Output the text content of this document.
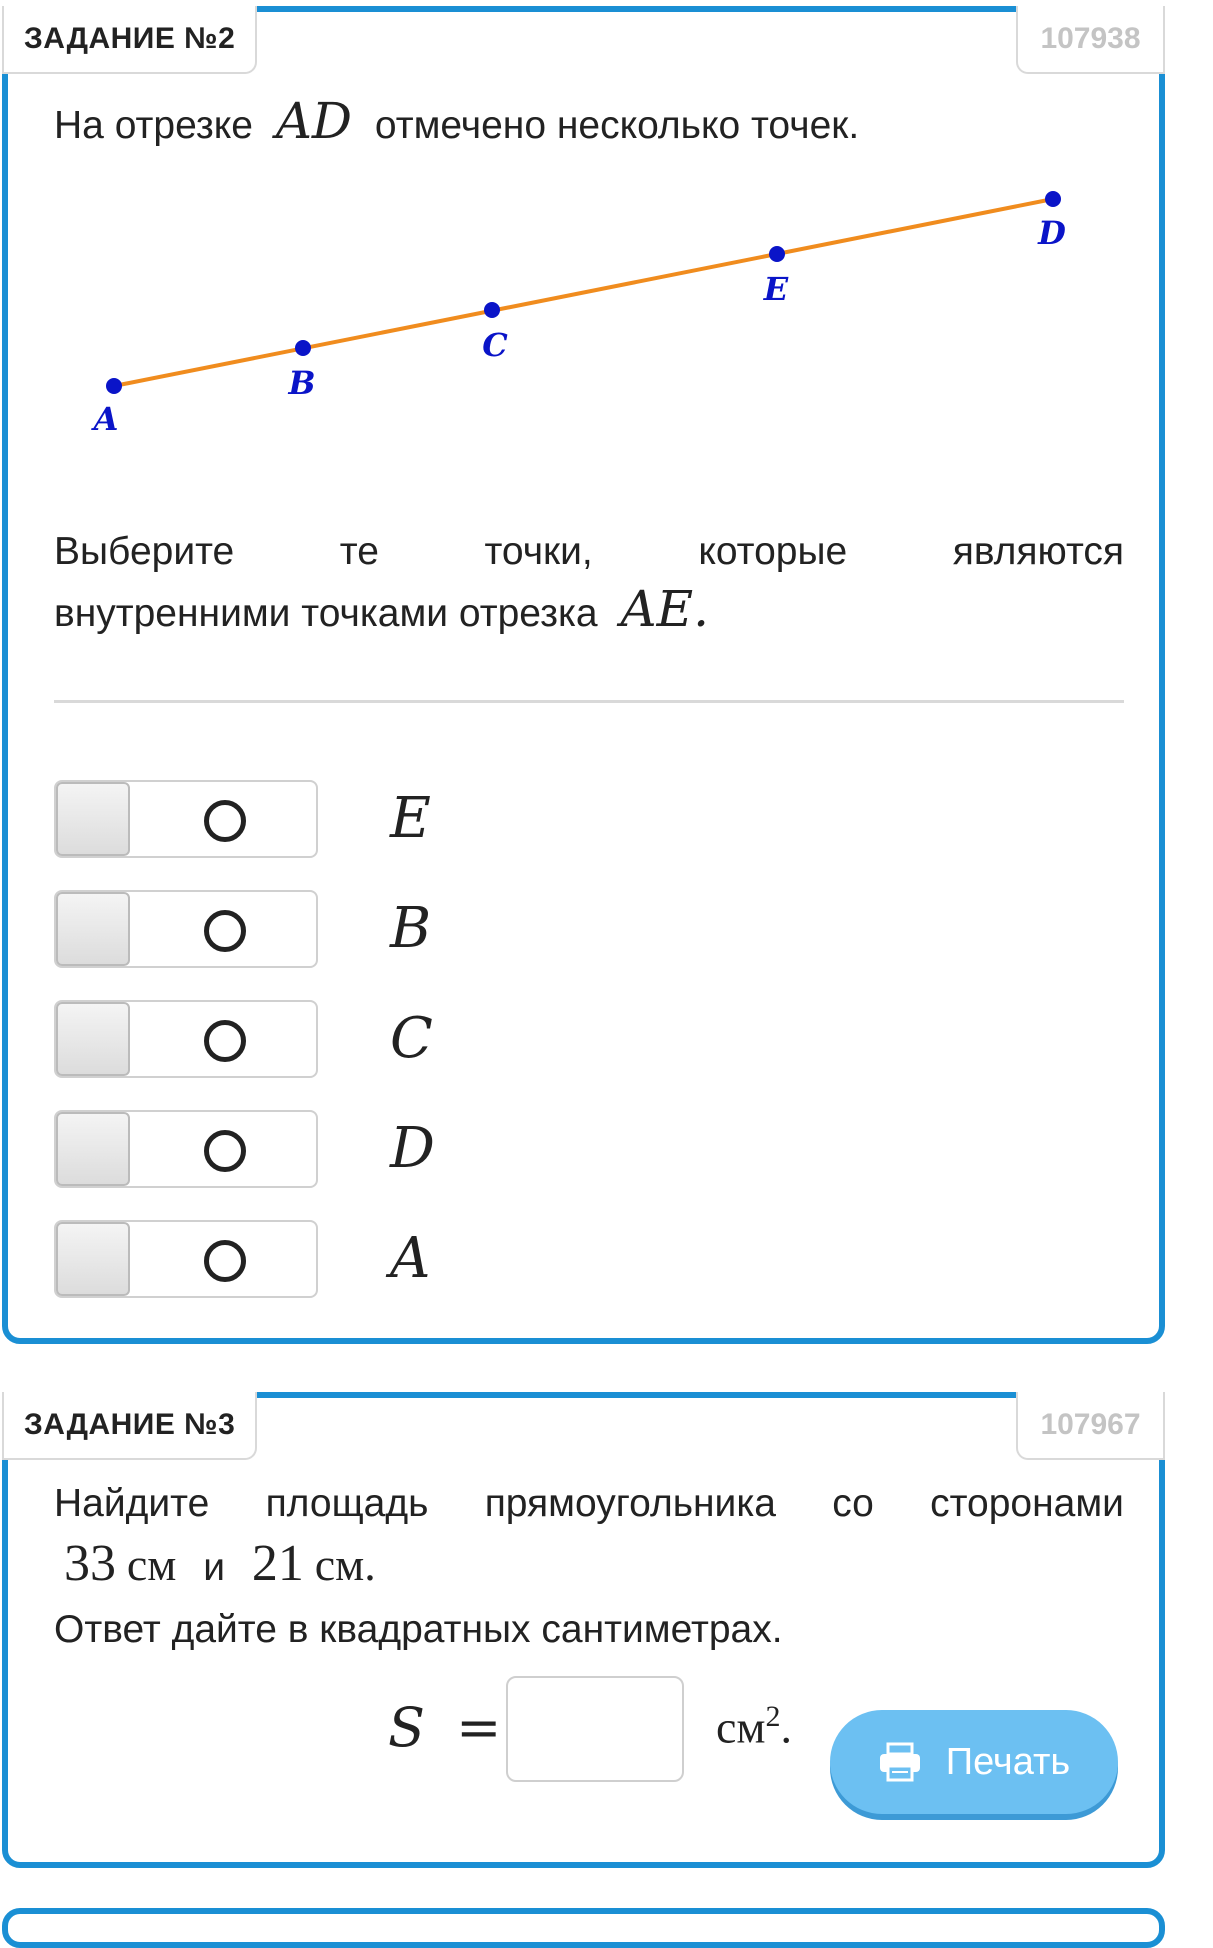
ЗАДАНИЕ №2	107938
На отрезке AD отмечено несколько точек.
A
B
C
E
D
Выберите	те	точки,	которые	являются
внутренними точками отрезка AE.
E
B
C
D
A
ЗАДАНИЕ №3	107967
Найдите площадь прямоугольника со сторонами
33 см и 21 см.
Ответ дайте в квадратных сантиметрах.
S =	$см^2$.
Печать
